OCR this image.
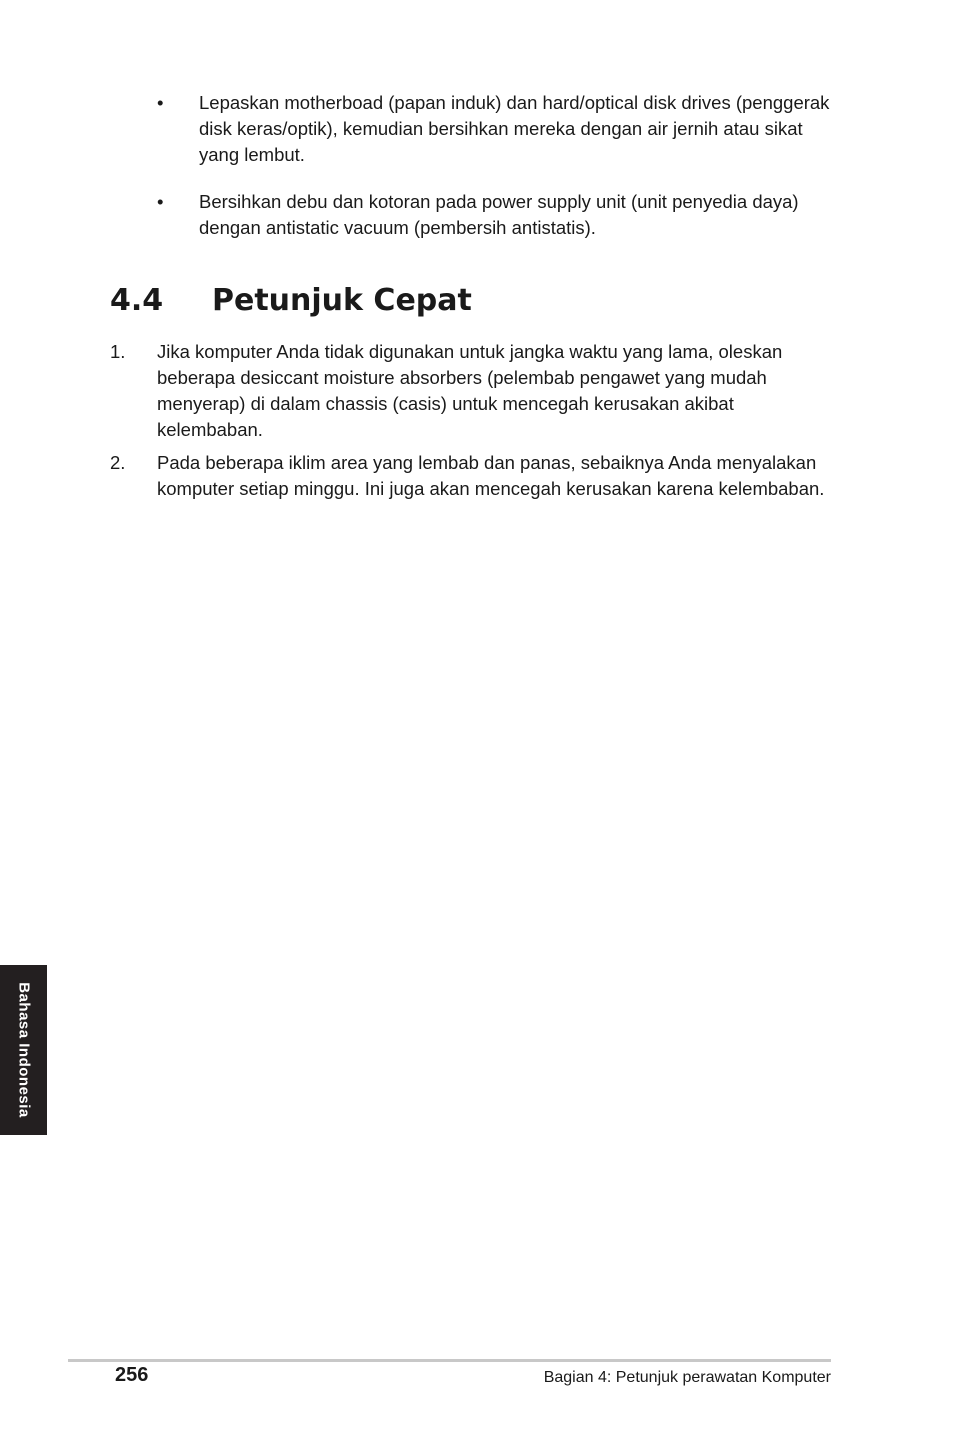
•	Lepaskan motherboad (papan induk) dan hard/optical disk drives (penggerak disk keras/optik), kemudian bersihkan mereka dengan air jernih atau sikat yang lembut.
•	Bersihkan debu dan kotoran pada power supply unit (unit penyedia daya) dengan antistatic vacuum (pembersih antistatis).
4.4	Petunjuk Cepat
1.	Jika komputer Anda tidak digunakan untuk jangka waktu yang lama, oleskan beberapa desiccant moisture absorbers (pelembab pengawet yang mudah menyerap) di dalam chassis (casis) untuk mencegah kerusakan akibat kelembaban.
2.	Pada beberapa iklim area yang lembab dan panas, sebaiknya Anda menyalakan komputer setiap minggu. Ini juga akan mencegah kerusakan karena kelembaban.
Bahasa Indonesia
256	Bagian 4: Petunjuk perawatan Komputer
